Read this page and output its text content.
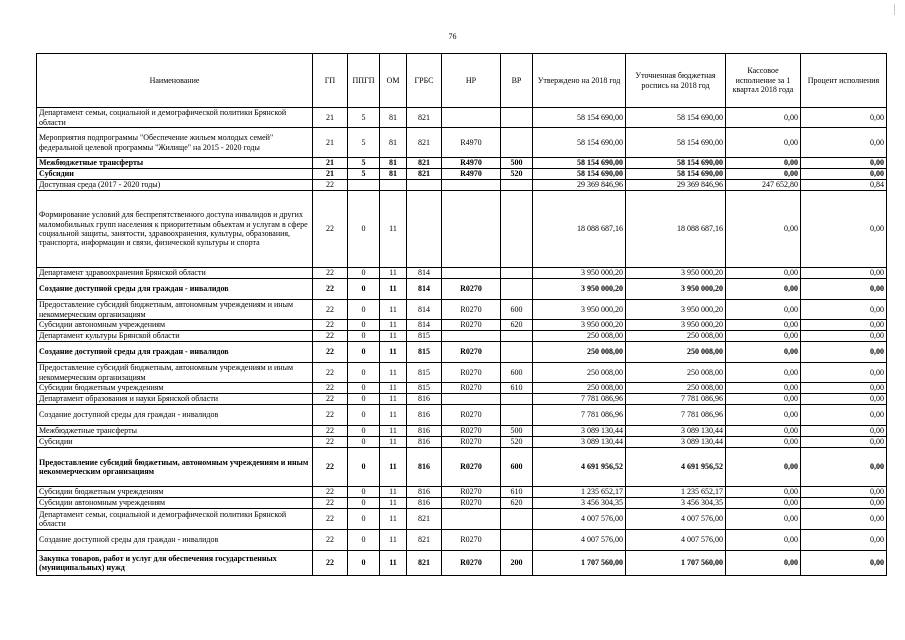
76
Наименование	ГП	ППГП	ОМ	ГРБС	НР	ВР	Утверждено на 2018 год	Уточненная бюджетная роспись на 2018 год	Кассовое исполнение за 1 квартал 2018 года	Процент исполнения
Департамент семьи, социальной и демографической политики Брянской области	21	5	81	821			58 154 690,00	58 154 690,00	0,00	0,00
Мероприятия подпрограммы "Обеспечение жильем молодых семей" федеральной целевой программы "Жилище" на 2015 - 2020 годы	21	5	81	821	R4970		58 154 690,00	58 154 690,00	0,00	0,00
Межбюджетные трансферты	21	5	81	821	R4970	500	58 154 690,00	58 154 690,00	0,00	0,00
Субсидии	21	5	81	821	R4970	520	58 154 690,00	58 154 690,00	0,00	0,00
Доступная среда (2017 - 2020 годы)	22						29 369 846,96	29 369 846,96	247 652,80	0,84
Формирование условий для беспрепятственного доступа инвалидов и других маломобильных групп населения к приоритетным объектам и услугам в сфере социальной защиты, занятости, здравоохранения, культуры, образования, транспорта, информации и связи, физической культуры и спорта	22	0	11				18 088 687,16	18 088 687,16	0,00	0,00
Департамент здравоохранения Брянской области	22	0	11	814			3 950 000,20	3 950 000,20	0,00	0,00
Создание доступной среды для граждан - инвалидов	22	0	11	814	R0270		3 950 000,20	3 950 000,20	0,00	0,00
Предоставление субсидий бюджетным, автономным учреждениям и иным некоммерческим организациям	22	0	11	814	R0270	600	3 950 000,20	3 950 000,20	0,00	0,00
Субсидии автономным учреждениям	22	0	11	814	R0270	620	3 950 000,20	3 950 000,20	0,00	0,00
Департамент культуры Брянской области	22	0	11	815			250 008,00	250 008,00	0,00	0,00
Создание доступной среды для граждан - инвалидов	22	0	11	815	R0270		250 008,00	250 008,00	0,00	0,00
Предоставление субсидий бюджетным, автономным учреждениям и иным некоммерческим организациям	22	0	11	815	R0270	600	250 008,00	250 008,00	0,00	0,00
Субсидии бюджетным учреждениям	22	0	11	815	R0270	610	250 008,00	250 008,00	0,00	0,00
Департамент образования и науки Брянской области	22	0	11	816			7 781 086,96	7 781 086,96	0,00	0,00
Создание доступной среды для граждан - инвалидов	22	0	11	816	R0270		7 781 086,96	7 781 086,96	0,00	0,00
Межбюджетные трансферты	22	0	11	816	R0270	500	3 089 130,44	3 089 130,44	0,00	0,00
Субсидии	22	0	11	816	R0270	520	3 089 130,44	3 089 130,44	0,00	0,00
Предоставление субсидий бюджетным, автономным учреждениям и иным некоммерческим организациям	22	0	11	816	R0270	600	4 691 956,52	4 691 956,52	0,00	0,00
Субсидии бюджетным учреждениям	22	0	11	816	R0270	610	1 235 652,17	1 235 652,17	0,00	0,00
Субсидии автономным учреждениям	22	0	11	816	R0270	620	3 456 304,35	3 456 304,35	0,00	0,00
Департамент семьи, социальной и демографической политики Брянской области	22	0	11	821			4 007 576,00	4 007 576,00	0,00	0,00
Создание доступной среды для граждан - инвалидов	22	0	11	821	R0270		4 007 576,00	4 007 576,00	0,00	0,00
Закупка товаров, работ и услуг для обеспечения государственных (муниципальных) нужд	22	0	11	821	R0270	200	1 707 560,00	1 707 560,00	0,00	0,00
